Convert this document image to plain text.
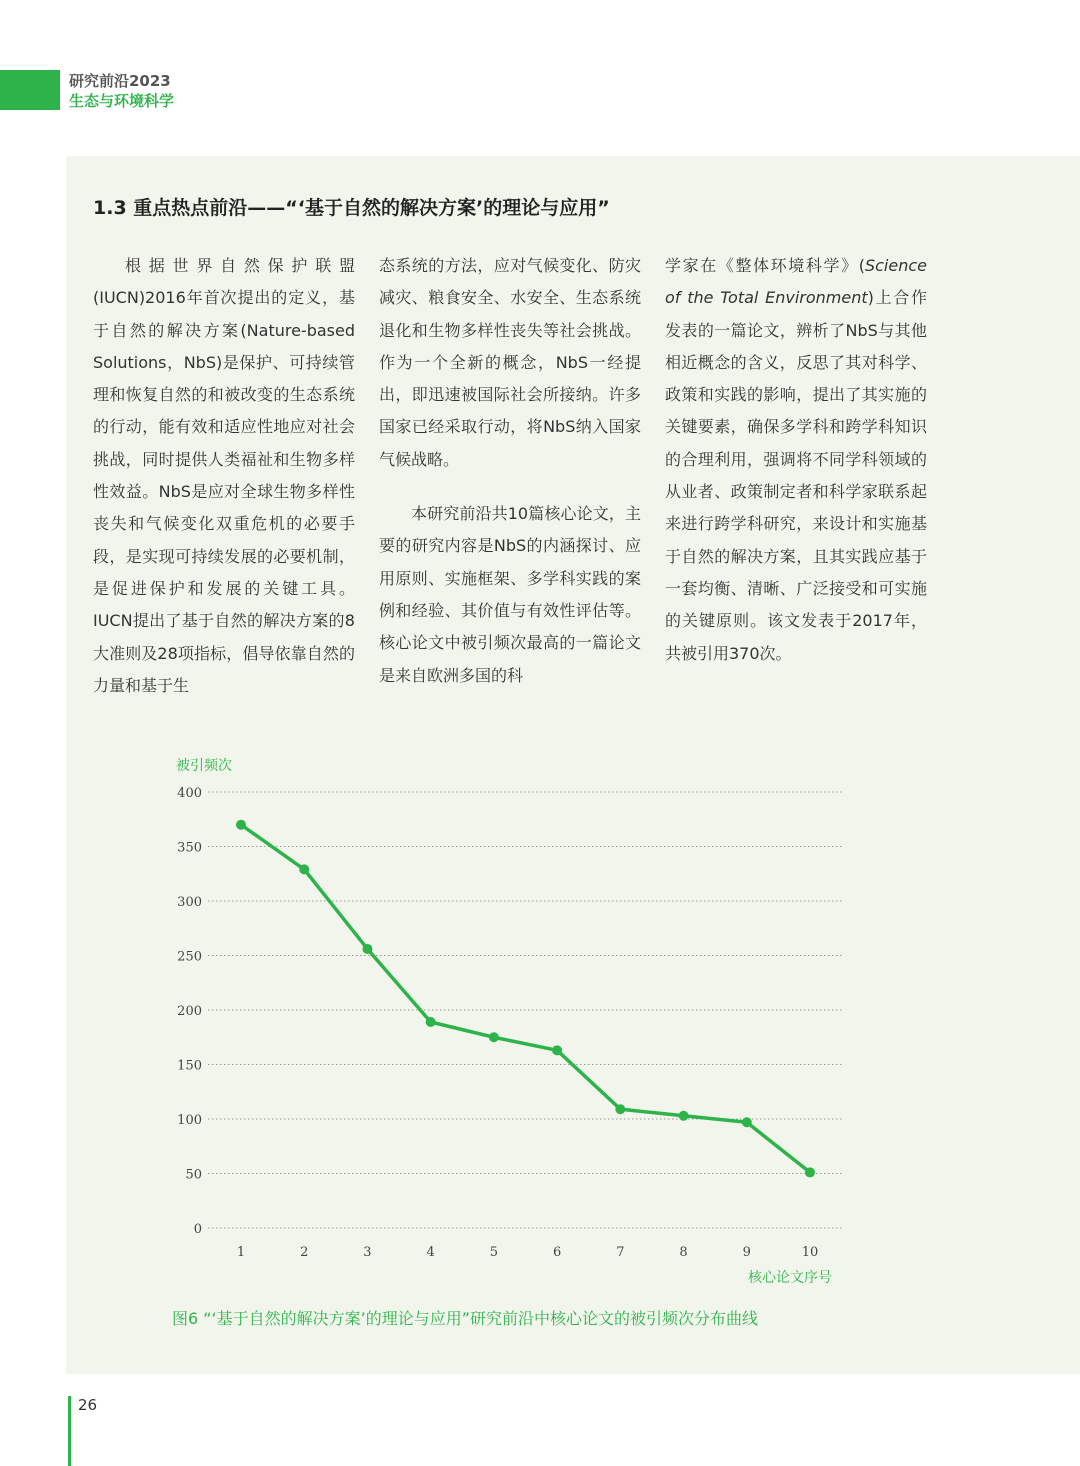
研究前沿2023
生态与环境科学
1.3 重点热点前沿——“‘基于自然的解决方案’的理论与应用”

根据世界自然保护联盟(IUCN)2016年首次提出的定义，基于自然的解决方案(Nature-based Solutions，NbS)是保护、可持续管理和恢复自然的和被改变的生态系统的行动，能有效和适应性地应对社会挑战，同时提供人类福祉和生物多样性效益。NbS是应对全球生物多样性丧失和气候变化双重危机的必要手段，是实现可持续发展的必要机制，是促进保护和发展的关键工具。IUCN提出了基于自然的解决方案的8大准则及28项指标，倡导依靠自然的力量和基于生

态系统的方法，应对气候变化、防灾减灾、粮食安全、水安全、生态系统退化和生物多样性丧失等社会挑战。作为一个全新的概念，NbS一经提出，即迅速被国际社会所接纳。许多国家已经采取行动，将NbS纳入国家气候战略。

本研究前沿共10篇核心论文，主要的研究内容是NbS的内涵探讨、应用原则、实施框架、多学科实践的案例和经验、其价值与有效性评估等。核心论文中被引频次最高的一篇论文是来自欧洲多国的科

学家在《整体环境科学》(Science of the Total Environment)上合作发表的一篇论文，辨析了NbS与其他相近概念的含义，反思了其对科学、政策和实践的影响，提出了其实施的关键要素，确保多学科和跨学科知识的合理利用，强调将不同学科领域的从业者、政策制定者和科学家联系起来进行跨学科研究，来设计和实施基于自然的解决方案，且其实践应基于一套均衡、清晰、广泛接受和可实施的关键原则。该文发表于2017年，共被引用370次。

400
350
300
250
200
150
100
50
0
被引频次
1	2	3	4	5	6	7	8	9	10
核心论文序号
图6 “‘基于自然的解决方案’的理论与应用”研究前沿中核心论文的被引频次分布曲线
26
